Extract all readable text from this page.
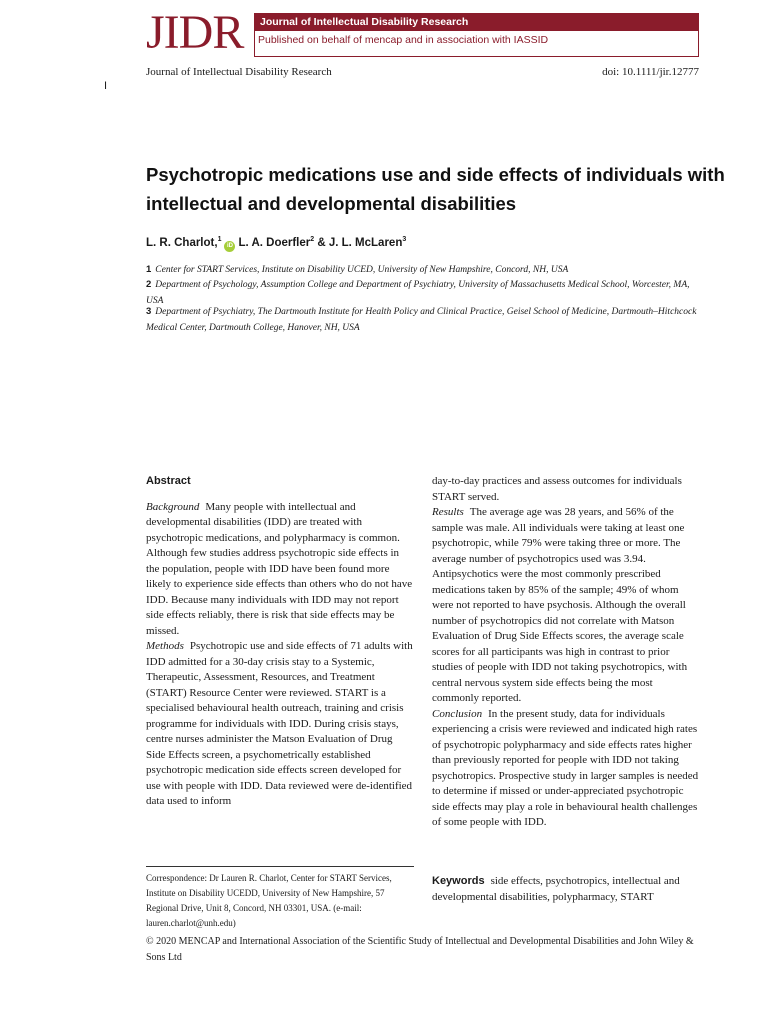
JIDR	Journal of Intellectual Disability Research
Published on behalf of mencap and in association with IASSID
Journal of Intellectual Disability Research	doi: 10.1111/jir.12777
I
Psychotropic medications use and side effects of individuals with intellectual and developmental disabilities
L. R. Charlot,$^1$iD L. A. Doerfler$^2$ & J. L. McLaren$^3$
1 Center for START Services, Institute on Disability UCED, University of New Hampshire, Concord, NH, USA
2 Department of Psychology, Assumption College and Department of Psychiatry, University of Massachusetts Medical School, Worcester, MA, USA
3 Department of Psychiatry, The Dartmouth Institute for Health Policy and Clinical Practice, Geisel School of Medicine, Dartmouth–Hitchcock Medical Center, Dartmouth College, Hanover, NH, USA
Abstract

Background Many people with intellectual and developmental disabilities (IDD) are treated with psychotropic medications, and polypharmacy is common. Although few studies address psychotropic side effects in the population, people with IDD have been found more likely to experience side effects than others who do not have IDD. Because many individuals with IDD may not report side effects reliably, there is risk that side effects may be missed.

Methods Psychotropic use and side effects of 71 adults with IDD admitted for a 30-day crisis stay to a Systemic, Therapeutic, Assessment, Resources, and Treatment (START) Resource Center were reviewed. START is a specialised behavioural health outreach, training and crisis programme for individuals with IDD. During crisis stays, centre nurses administer the Matson Evaluation of Drug Side Effects screen, a psychometrically established psychotropic medication side effects screen developed for use with people with IDD. Data reviewed were de-identified data used to inform

day-to-day practices and assess outcomes for individuals START served.

Results The average age was 28 years, and 56% of the sample was male. All individuals were taking at least one psychotropic, while 79% were taking three or more. The average number of psychotropics used was 3.94. Antipsychotics were the most commonly prescribed medications taken by 85% of the sample; 49% of whom were not reported to have psychosis. Although the overall number of psychotropics did not correlate with Matson Evaluation of Drug Side Effects scores, the average scale scores for all participants was high in contrast to prior studies of people with IDD not taking psychotropics, with central nervous system side effects being the most commonly reported.

Conclusion In the present study, data for individuals experiencing a crisis were reviewed and indicated high rates of psychotropic polypharmacy and side effects rates higher than previously reported for people with IDD not taking psychotropics. Prospective study in larger samples is needed to determine if missed or under-appreciated psychotropic side effects may play a role in behavioural health challenges of some people with IDD.

Correspondence: Dr Lauren R. Charlot, Center for START Services, Institute on Disability UCEDD, University of New Hampshire, 57 Regional Drive, Unit 8, Concord, NH 03301, USA. (e-mail: lauren.charlot@unh.edu)
Keywords side effects, psychotropics, intellectual and developmental disabilities, polypharmacy, START
© 2020 MENCAP and International Association of the Scientific Study of Intellectual and Developmental Disabilities and John Wiley & Sons Ltd
